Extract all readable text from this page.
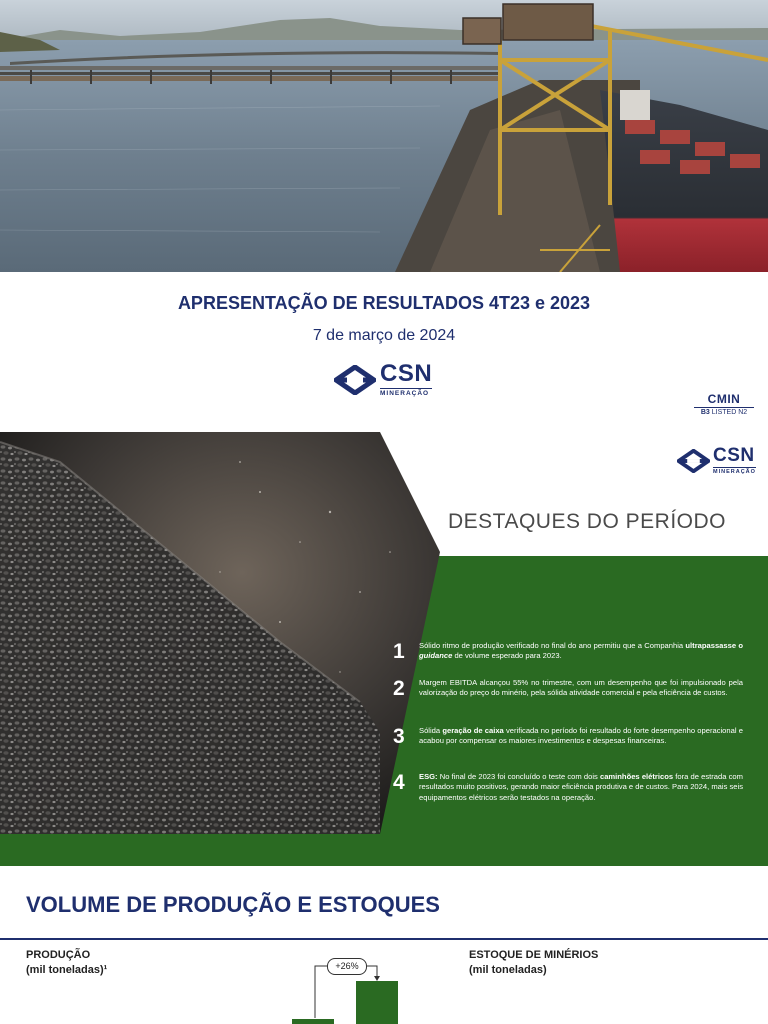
APRESENTAÇÃO DE RESULTADOS 4T23 e 2023
7 de março de 2024
CSN
MINERAÇÃO	CMIN
B3 LISTED N2
CSN
MINERAÇÃO
DESTAQUES DO PERÍODO
1	Sólido ritmo de produção verificado no final do ano permitiu que a Companhia ultrapassasse o guidance de volume esperado para 2023.
2	Margem EBITDA alcançou 55% no trimestre, com um desempenho que foi impulsionado pela valorização do preço do minério, pela sólida atividade comercial e pela eficiência de custos.
3	Sólida geração de caixa verificada no período foi resultado do forte desempenho operacional e acabou por compensar os maiores investimentos e despesas financeiras.
4	ESG: No final de 2023 foi concluído o teste com dois caminhões elétricos fora de estrada com resultados muito positivos, gerando maior eficiência produtiva e de custos. Para 2024, mais seis equipamentos elétricos serão testados na operação.
VOLUME DE PRODUÇÃO E ESTOQUES
PRODUÇÃO
(mil toneladas)¹
ESTOQUE DE MINÉRIOS
(mil toneladas)
+26%
